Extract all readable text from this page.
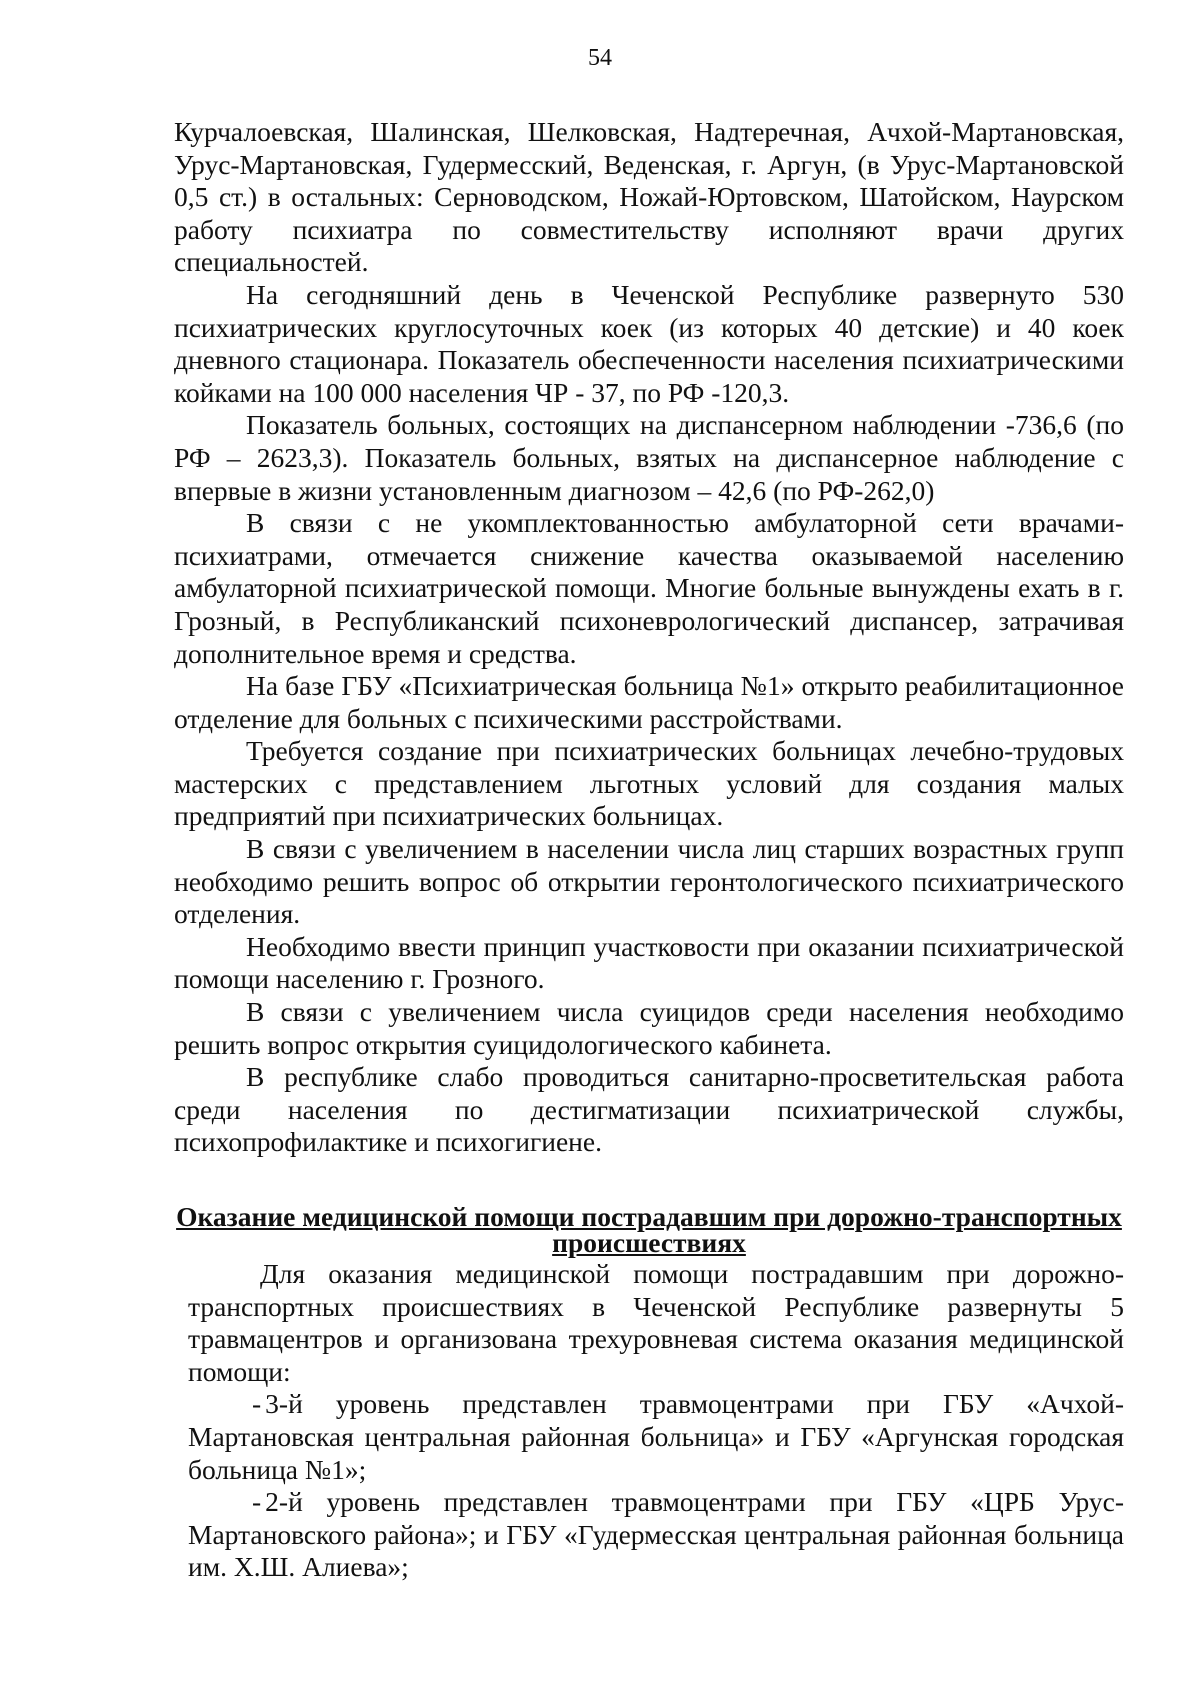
54

Курчалоевская, Шалинская, Шелковская, Надтеречная, Ачхой-Мартановская, Урус-Мартановская, Гудермесский, Веденская, г. Аргун, (в Урус-Мартановской 0,5 ст.) в остальных: Серноводском, Ножай-Юртовском, Шатойском, Наурском работу психиатра по совместительству исполняют врачи других специальностей.

На сегодняшний день в Чеченской Республике развернуто 530 психиатрических круглосуточных коек (из которых 40 детские) и 40 коек дневного стационара. Показатель обеспеченности населения психиатрическими койками на 100 000 населения ЧР - 37, по РФ -120,3.

Показатель больных, состоящих на диспансерном наблюдении -736,6 (по РФ – 2623,3). Показатель больных, взятых на диспансерное наблюдение с впервые в жизни установленным диагнозом – 42,6 (по РФ-262,0)

В связи с не укомплектованностью амбулаторной сети врачами-психиатрами, отмечается снижение качества оказываемой населению амбулаторной психиатрической помощи. Многие больные вынуждены ехать в г. Грозный, в Республиканский психоневрологический диспансер, затрачивая дополнительное время и средства.

На базе ГБУ «Психиатрическая больница №1» открыто реабилитационное отделение для больных с психическими расстройствами.

Требуется создание при психиатрических больницах лечебно-трудовых мастерских с представлением льготных условий для создания малых предприятий при психиатрических больницах.

В связи с увеличением в населении числа лиц старших возрастных групп необходимо решить вопрос об открытии геронтологического психиатрического отделения.

Необходимо ввести принцип участковости при оказании психиатрической помощи населению г. Грозного.

В связи с увеличением числа суицидов среди населения необходимо решить вопрос открытия суицидологического кабинета.

В республике слабо проводиться санитарно-просветительская работа среди населения по дестигматизации психиатрической службы, психопрофилактике и психогигиене.

Оказание медицинской помощи пострадавшим при дорожно-транспортных происшествиях

Для оказания медицинской помощи пострадавшим при дорожно-транспортных происшествиях в Чеченской Республике развернуты 5 травмацентров и организована трехуровневая система оказания медицинской помощи:

- 3-й уровень представлен травмоцентрами при ГБУ «Ачхой-Мартановская центральная районная больница» и ГБУ «Аргунская городская больница №1»;

- 2-й уровень представлен травмоцентрами при ГБУ «ЦРБ Урус-Мартановского района»; и ГБУ «Гудермесская центральная районная больница им. Х.Ш. Алиева»;
